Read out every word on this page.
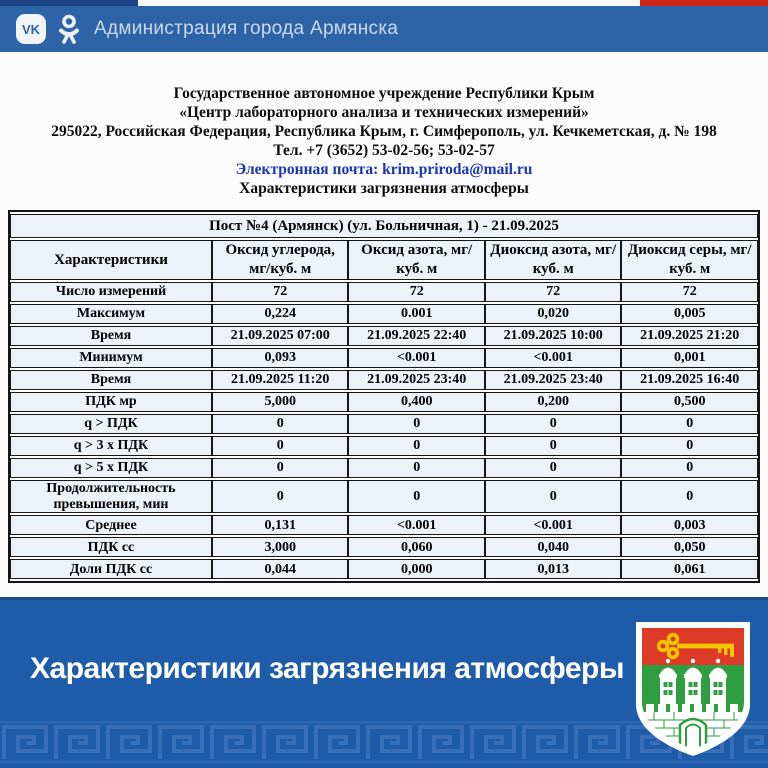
VK	Администрация города Армянска
Государственное автономное учреждение Республики Крым
«Центр лабораторного анализа и технических измерений»
295022, Российская Федерация, Республика Крым, г. Симферополь, ул. Кечкеметская, д. № 198
Тел. +7 (3652) 53-02-56; 53-02-57
Электронная почта: krim.priroda@mail.ru
Характеристики загрязнения атмосферы
Пост №4 (Армянск) (ул. Больничная, 1) - 21.09.2025				
Характеристики	Оксид углерода, мг/куб. м	Оксид азота, мг/куб. м	Диоксид азота, мг/куб. м	Диоксид серы, мг/куб. м
Число измерений	72	72	72	72
Максимум	0,224	0.001	0,020	0,005
Время	21.09.2025 07:00	21.09.2025 22:40	21.09.2025 10:00	21.09.2025 21:20
Минимум	0,093	<0.001	<0.001	0,001
Время	21.09.2025 11:20	21.09.2025 23:40	21.09.2025 23:40	21.09.2025 16:40
ПДК мр	5,000	0,400	0,200	0,500
q > ПДК	0	0	0	0
q > 3 х ПДК	0	0	0	0
q > 5 х ПДК	0	0	0	0
Продолжительность превышения, мин	0	0	0	0
Среднее	0,131	<0.001	<0.001	0,003
ПДК сс	3,000	0,060	0,040	0,050
Доли ПДК сс	0,044	0,000	0,013	0,061
Характеристики загрязнения атмосферы
